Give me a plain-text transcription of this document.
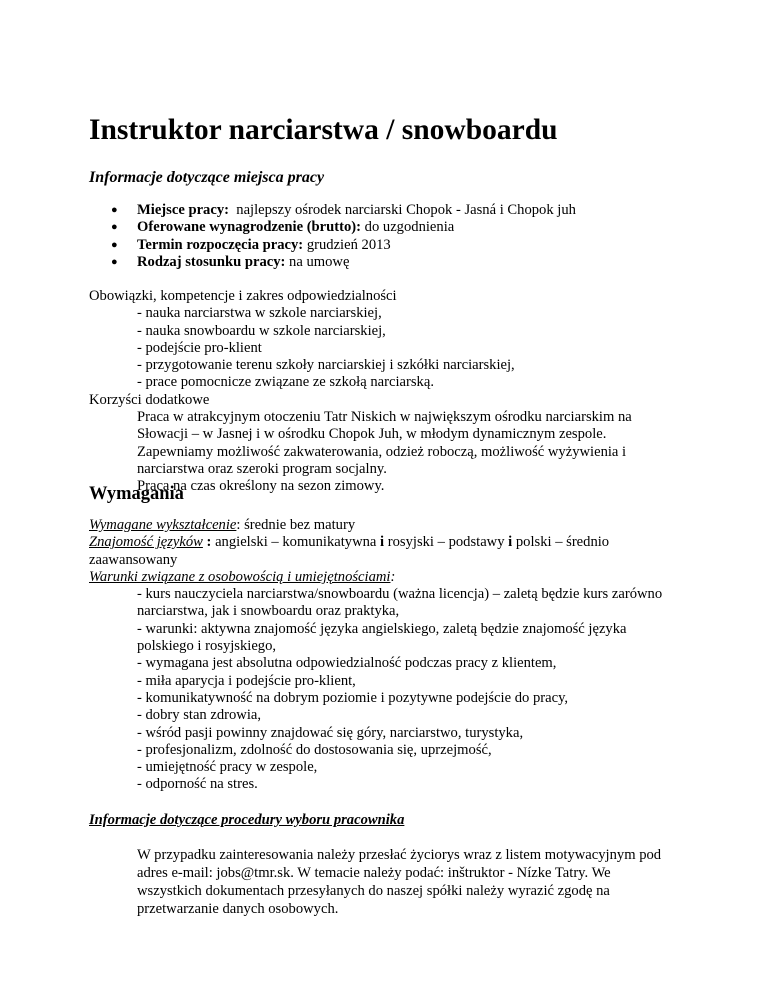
Instruktor narciarstwa / snowboardu
Informacje dotyczące miejsca pracy
● Miejsce pracy:  najlepszy ośrodek narciarski Chopok - Jasná i Chopok juh
● Oferowane wynagrodzenie (brutto): do uzgodnienia
● Termin rozpoczęcia pracy: grudzień 2013
● Rodzaj stosunku pracy: na umowę
Obowiązki, kompetencje i zakres odpowiedzialności
- nauka narciarstwa w szkole narciarskiej,
- nauka snowboardu w szkole narciarskiej,
- podejście pro-klient
- przygotowanie terenu szkoły narciarskiej i szkółki narciarskiej,
- prace pomocnicze związane ze szkołą narciarską.
Korzyści dodatkowe
Praca w atrakcyjnym otoczeniu Tatr Niskich w największym ośrodku narciarskim na Słowacji – w Jasnej i w ośrodku Chopok Juh, w młodym dynamicznym zespole. Zapewniamy możliwość zakwaterowania, odzież roboczą, możliwość wyżywienia i narciarstwa oraz szeroki program socjalny.
Praca na czas określony na sezon zimowy.
Wymagania
Wymagane wykształcenie: średnie bez matury
Znajomość języków : angielski – komunikatywna i rosyjski – podstawy i polski – średnio zaawansowany
Warunki związane z osobowością i umiejętnościami:
- kurs nauczyciela narciarstwa/snowboardu (ważna licencja) – zaletą będzie kurs zarówno narciarstwa, jak i snowboardu oraz praktyka,
- warunki: aktywna znajomość języka angielskiego, zaletą będzie znajomość języka polskiego i rosyjskiego,
- wymagana jest absolutna odpowiedzialność podczas pracy z klientem,
- miła aparycja i podejście pro-klient,
- komunikatywność na dobrym poziomie i pozytywne podejście do pracy,
- dobry stan zdrowia,
- wśród pasji powinny znajdować się góry, narciarstwo, turystyka,
- profesjonalizm, zdolność do dostosowania się, uprzejmość,
- umiejętność pracy w zespole,
- odporność na stres.
Informacje dotyczące procedury wyboru pracownika
W przypadku zainteresowania należy przesłać życiorys wraz z listem motywacyjnym pod adres e-mail: jobs@tmr.sk. W temacie należy podać: inštruktor - Nízke Tatry. We wszystkich dokumentach przesyłanych do naszej spółki należy wyrazić zgodę na przetwarzanie danych osobowych.
